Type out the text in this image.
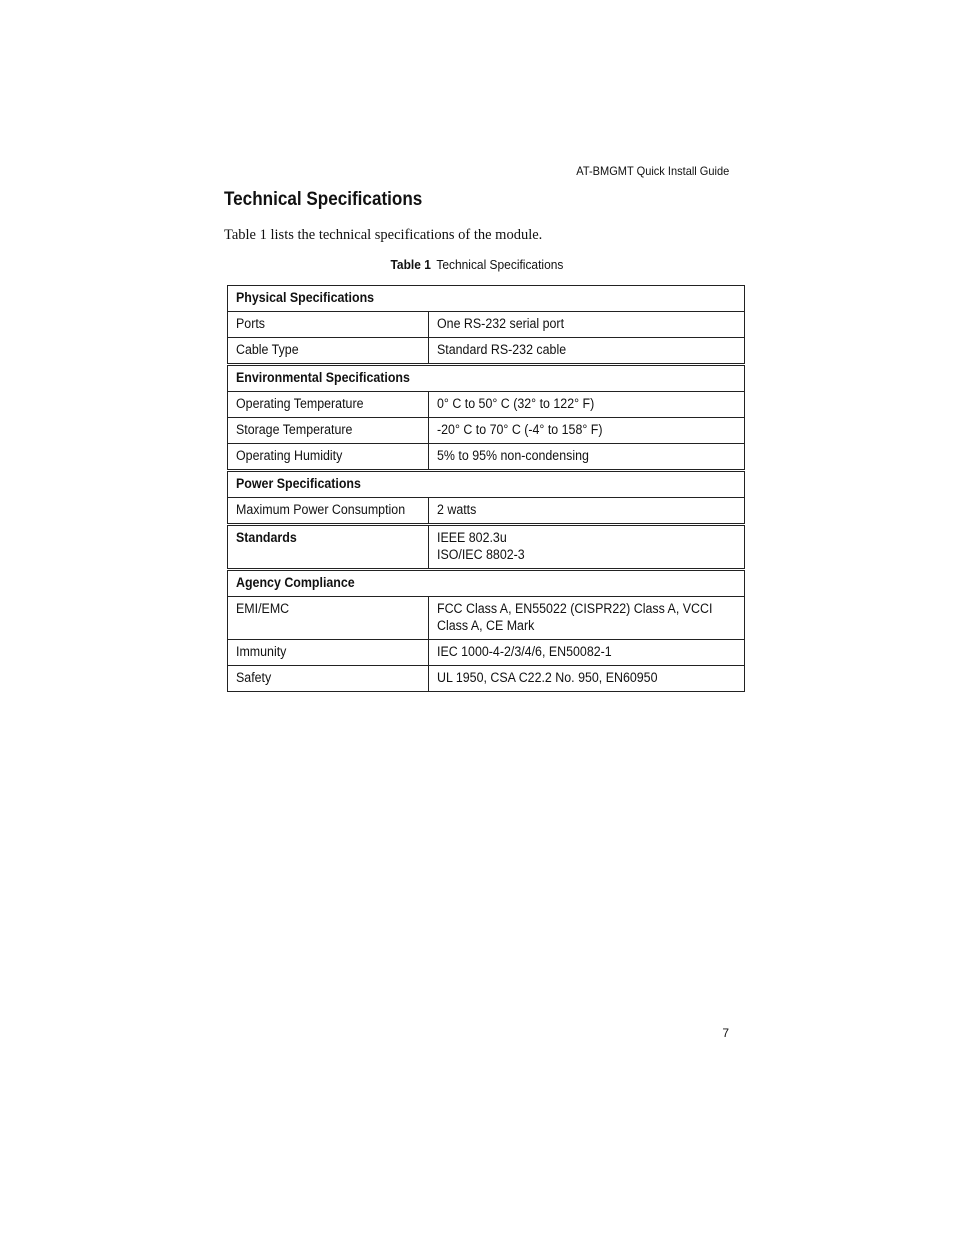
AT-BMGMT Quick Install Guide
Technical Specifications

Table 1 lists the technical specifications of the module.

Table 1 Technical Specifications
Physical Specifications	
Ports	One RS-232 serial port
Cable Type	Standard RS-232 cable
Environmental Specifications	
Operating Temperature	0° C to 50° C (32° to 122° F)
Storage Temperature	-20° C to 70° C (-4° to 158° F)
Operating Humidity	5% to 95% non-condensing
Power Specifications	
Maximum Power Consumption	2 watts
Standards	IEEE 802.3u
ISO/IEC 8802-3
Agency Compliance	
EMI/EMC	FCC Class A, EN55022 (CISPR22) Class A, VCCI
Class A, CE Mark
Immunity	IEC 1000-4-2/3/4/6, EN50082-1
Safety	UL 1950, CSA C22.2 No. 950, EN60950
7
